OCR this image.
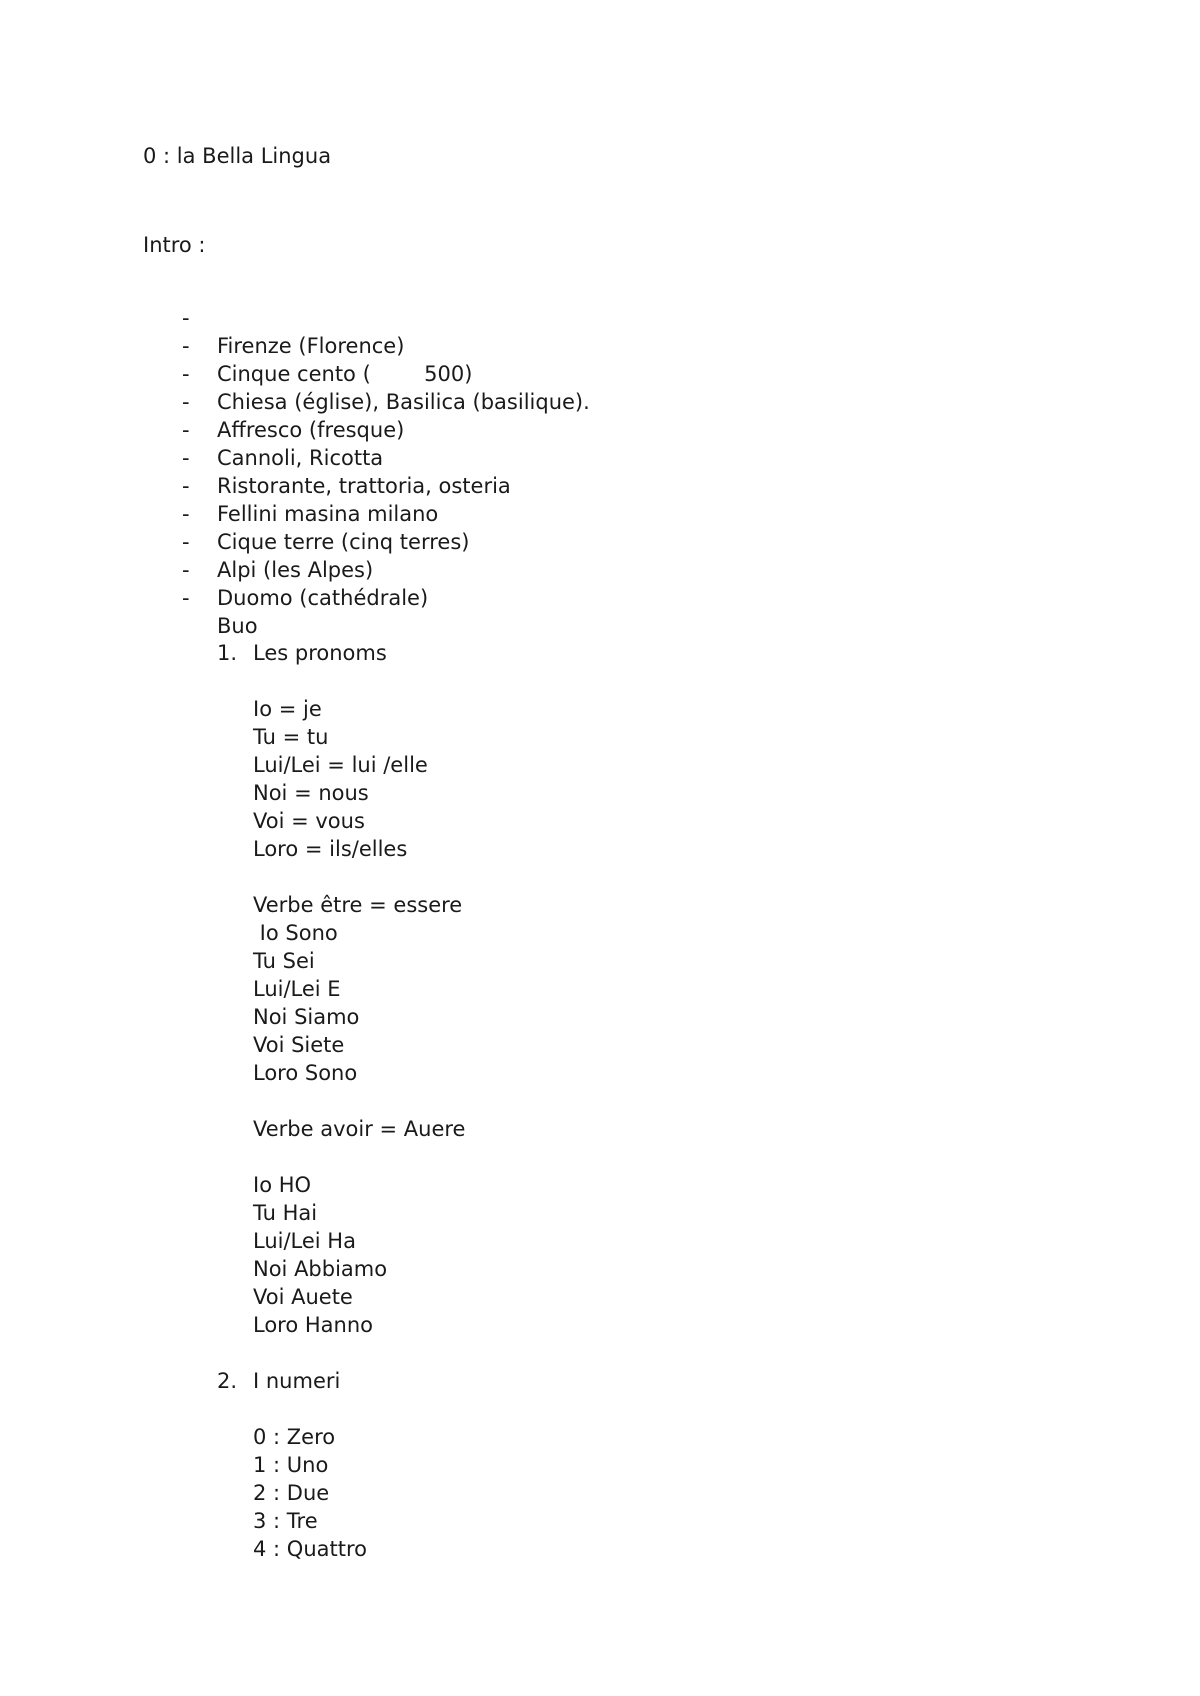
0 : la Bella Lingua
Intro :

-

Firenze (Florence)

-

Cinque cento (        500)

-

Chiesa (église), Basilica (basilique).

-

Affresco (fresque)

-

Cannoli, Ricotta

-

Ristorante, trattoria, osteria

-

Fellini masina milano

-

Cique terre (cinq terres)

-

Alpi (les Alpes)

-

Duomo (cathédrale)

-

Buo

1. Les pronoms
Io = je
Tu = tu
Lui/Lei = lui /elle
Noi = nous
Voi = vous
Loro = ils/elles
Verbe être = essere
Io Sono
Tu Sei
Lui/Lei E
Noi Siamo
Voi Siete
Loro Sono
Verbe avoir = Auere
Io HO
Tu Hai
Lui/Lei Ha
Noi Abbiamo
Voi Auete
Loro Hanno
2. I numeri
0 : Zero
1 : Uno
2 : Due
3 : Tre
4 : Quattro
